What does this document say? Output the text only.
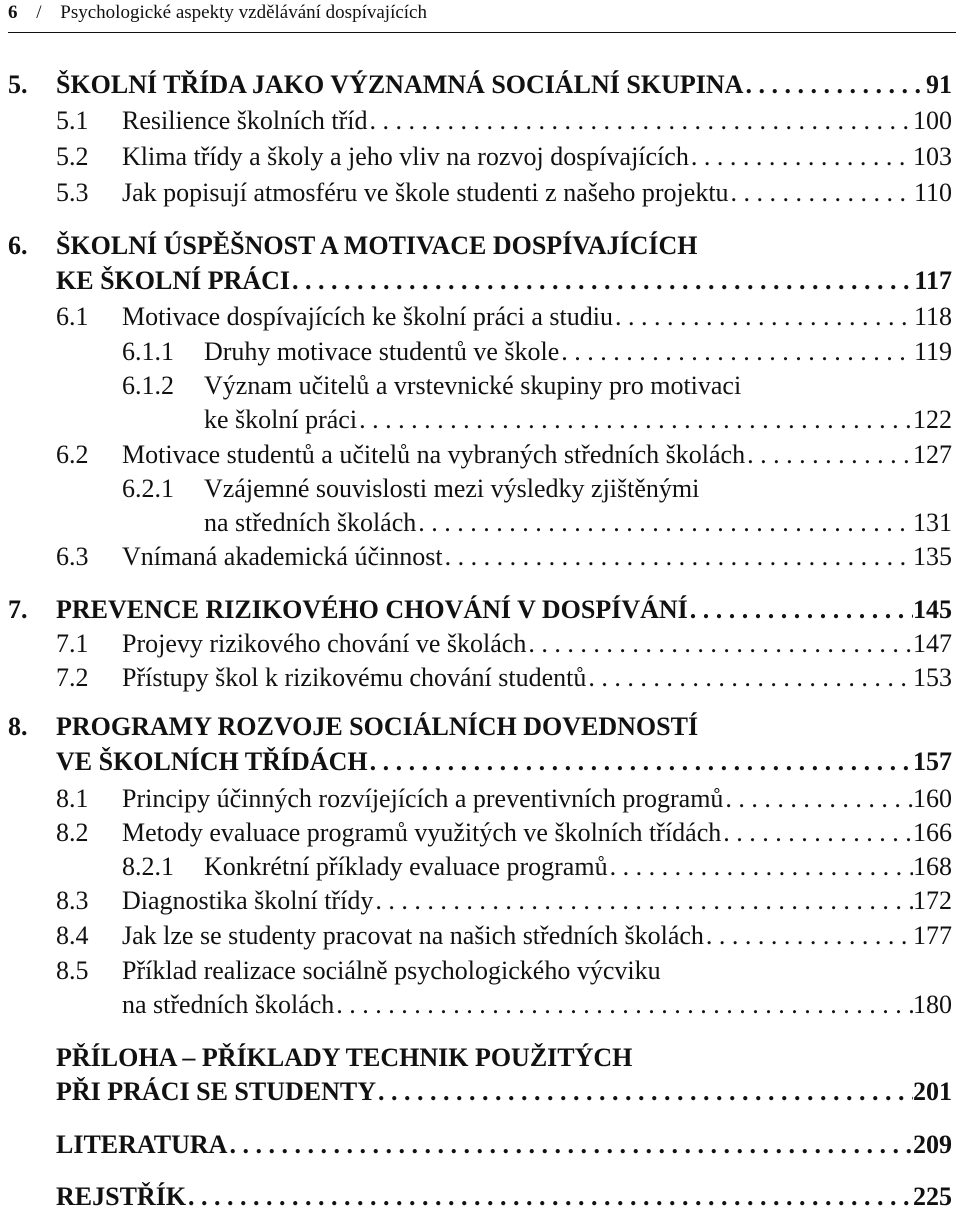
6 / Psychologické aspekty vzdělávání dospívajících
5. ŠKOLNÍ TŘÍDA JAKO VÝZNAMNÁ SOCIÁLNÍ SKUPINA . . .	91
5.1 Resilience školních tříd . . .	100
5.2 Klima třídy a školy a jeho vliv na rozvoj dospívajících . . .	103
5.3 Jak popisují atmosféru ve škole studenti z našeho projektu . . .	110
6. ŠKOLNÍ ÚSPĚŠNOST A MOTIVACE DOSPÍVAJÍCÍCH
KE ŠKOLNÍ PRÁCI . . .	117
6.1 Motivace dospívajících ke školní práci a studiu . . .	118
6.1.1 Druhy motivace studentů ve škole . . .	119
6.1.2 Význam učitelů a vrstevnické skupiny pro motivaci
ke školní práci . . .	122
6.2 Motivace studentů a učitelů na vybraných středních školách . . .	127
6.2.1 Vzájemné souvislosti mezi výsledky zjištěnými
na středních školách . . .	131
6.3 Vnímaná akademická účinnost . . .	135
7. PREVENCE RIZIKOVÉHO CHOVÁNÍ V DOSPÍVÁNÍ . . .	145
7.1 Projevy rizikového chování ve školách . . .	147
7.2 Přístupy škol k rizikovému chování studentů . . .	153
8. PROGRAMY ROZVOJE SOCIÁLNÍCH DOVEDNOSTÍ
VE ŠKOLNÍCH TŘÍDÁCH . . .	157
8.1 Principy účinných rozvíjejících a preventivních programů . . .	160
8.2 Metody evaluace programů využitých ve školních třídách . . .	166
8.2.1 Konkrétní příklady evaluace programů . . .	168
8.3 Diagnostika školní třídy . . .	172
8.4 Jak lze se studenty pracovat na našich středních školách . . .	177
8.5 Příklad realizace sociálně psychologického výcviku
na středních školách . . .	180
PŘÍLOHA – PŘÍKLADY TECHNIK POUŽITÝCH
PŘI PRÁCI SE STUDENTY . . .	201
LITERATURA . . .	209
REJSTŘÍK . . .	225
